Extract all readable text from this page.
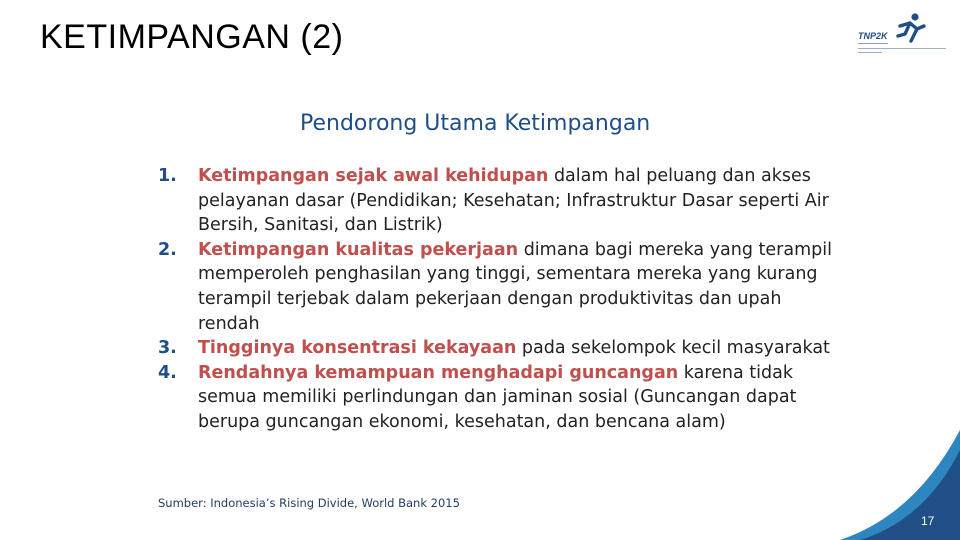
KETIMPANGAN (2)	TNP2K
Pendorong Utama Ketimpangan
1. Ketimpangan sejak awal kehidupan dalam hal peluang dan akses pelayanan dasar (Pendidikan; Kesehatan; Infrastruktur Dasar seperti Air Bersih, Sanitasi, dan Listrik)
2. Ketimpangan kualitas pekerjaan dimana bagi mereka yang terampil memperoleh penghasilan yang tinggi, sementara mereka yang kurang terampil terjebak dalam pekerjaan dengan produktivitas dan upah rendah
3. Tingginya konsentrasi kekayaan pada sekelompok kecil masyarakat
4. Rendahnya kemampuan menghadapi guncangan karena tidak semua memiliki perlindungan dan jaminan sosial (Guncangan dapat berupa guncangan ekonomi, kesehatan, dan bencana alam)
Sumber: Indonesia’s Rising Divide, World Bank 2015
17
